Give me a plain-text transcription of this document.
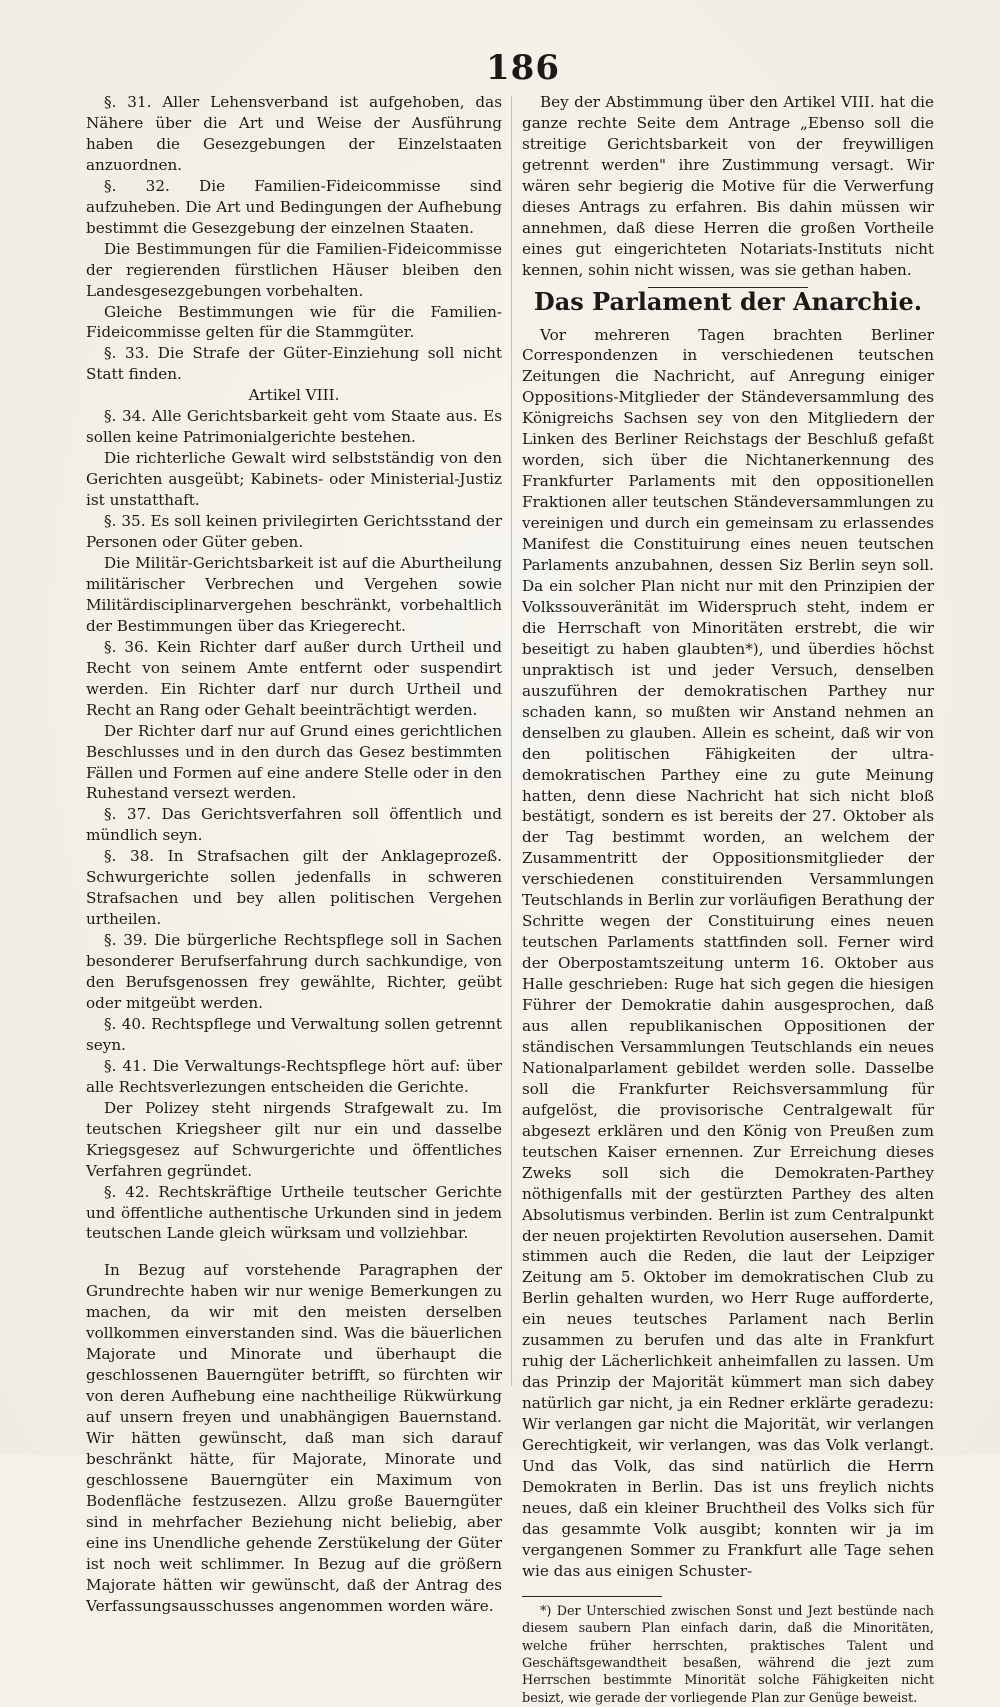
186

§. 31. Aller Lehensverband ist aufgehoben, das Nähere über die Art und Weise der Ausführung haben die Gesezgebungen der Einzelstaaten anzuordnen.

§. 32. Die Familien-Fideicommisse sind aufzuheben. Die Art und Bedingungen der Aufhebung bestimmt die Gesezgebung der einzelnen Staaten.

Die Bestimmungen für die Familien-Fideicommisse der regierenden fürstlichen Häuser bleiben den Landesgesezgebungen vorbehalten.

Gleiche Bestimmungen wie für die Familien-Fideicommisse gelten für die Stammgüter.

§. 33. Die Strafe der Güter-Einziehung soll nicht Statt finden.

Artikel VIII.

§. 34. Alle Gerichtsbarkeit geht vom Staate aus. Es sollen keine Patrimonialgerichte bestehen.

Die richterliche Gewalt wird selbstständig von den Gerichten ausgeübt; Kabinets- oder Ministerial-Justiz ist unstatthaft.

§. 35. Es soll keinen privilegirten Gerichtsstand der Personen oder Güter geben.

Die Militär-Gerichtsbarkeit ist auf die Aburtheilung militärischer Verbrechen und Vergehen sowie Militärdisciplinarvergehen beschränkt, vorbehaltlich der Bestimmungen über das Kriegerecht.

§. 36. Kein Richter darf außer durch Urtheil und Recht von seinem Amte entfernt oder suspendirt werden. Ein Richter darf nur durch Urtheil und Recht an Rang oder Gehalt beeinträchtigt werden.

Der Richter darf nur auf Grund eines gerichtlichen Beschlusses und in den durch das Gesez bestimmten Fällen und Formen auf eine andere Stelle oder in den Ruhestand versezt werden.

§. 37. Das Gerichtsverfahren soll öffentlich und mündlich seyn.

§. 38. In Strafsachen gilt der Anklageprozeß. Schwurgerichte sollen jedenfalls in schweren Strafsachen und bey allen politischen Vergehen urtheilen.

§. 39. Die bürgerliche Rechtspflege soll in Sachen besonderer Berufserfahrung durch sachkundige, von den Berufsgenossen frey gewählte, Richter, geübt oder mitgeübt werden.

§. 40. Rechtspflege und Verwaltung sollen getrennt seyn.

§. 41. Die Verwaltungs-Rechtspflege hört auf: über alle Rechtsverlezungen entscheiden die Gerichte.

Der Polizey steht nirgends Strafgewalt zu. Im teutschen Kriegsheer gilt nur ein und dasselbe Kriegsgesez auf Schwurgerichte und öffentliches Verfahren gegründet.

§. 42. Rechtskräftige Urtheile teutscher Gerichte und öffentliche authentische Urkunden sind in jedem teutschen Lande gleich würksam und vollziehbar.

In Bezug auf vorstehende Paragraphen der Grundrechte haben wir nur wenige Bemerkungen zu machen, da wir mit den meisten derselben vollkommen einverstanden sind. Was die bäuerlichen Majorate und Minorate und überhaupt die geschlossenen Bauerngüter betrifft, so fürchten wir von deren Aufhebung eine nachtheilige Rükwürkung auf unsern freyen und unabhängigen Bauernstand. Wir hätten gewünscht, daß man sich darauf beschränkt hätte, für Majorate, Minorate und geschlossene Bauerngüter ein Maximum von Bodenfläche festzusezen. Allzu große Bauerngüter sind in mehrfacher Beziehung nicht beliebig, aber eine ins Unendliche gehende Zerstükelung der Güter ist noch weit schlimmer. In Bezug auf die größern Majorate hätten wir gewünscht, daß der Antrag des Verfassungsausschusses angenommen worden wäre.

Bey der Abstimmung über den Artikel VIII. hat die ganze rechte Seite dem Antrage „Ebenso soll die streitige Gerichtsbarkeit von der freywilligen getrennt werden" ihre Zustimmung versagt. Wir wären sehr begierig die Motive für die Verwerfung dieses Antrags zu erfahren. Bis dahin müssen wir annehmen, daß diese Herren die großen Vortheile eines gut eingerichteten Notariats-Instituts nicht kennen, sohin nicht wissen, was sie gethan haben.

Das Parlament der Anarchie.

Vor mehreren Tagen brachten Berliner Correspondenzen in verschiedenen teutschen Zeitungen die Nachricht, auf Anregung einiger Oppositions-Mitglieder der Ständeversammlung des Königreichs Sachsen sey von den Mitgliedern der Linken des Berliner Reichstags der Beschluß gefaßt worden, sich über die Nichtanerkennung des Frankfurter Parlaments mit den oppositionellen Fraktionen aller teutschen Ständeversammlungen zu vereinigen und durch ein gemeinsam zu erlassendes Manifest die Constituirung eines neuen teutschen Parlaments anzubahnen, dessen Siz Berlin seyn soll. Da ein solcher Plan nicht nur mit den Prinzipien der Volkssouveränität im Widerspruch steht, indem er die Herrschaft von Minoritäten erstrebt, die wir beseitigt zu haben glaubten*), und überdies höchst unpraktisch ist und jeder Versuch, denselben auszuführen der demokratischen Parthey nur schaden kann, so mußten wir Anstand nehmen an denselben zu glauben. Allein es scheint, daß wir von den politischen Fähigkeiten der ultra-demokratischen Parthey eine zu gute Meinung hatten, denn diese Nachricht hat sich nicht bloß bestätigt, sondern es ist bereits der 27. Oktober als der Tag bestimmt worden, an welchem der Zusammentritt der Oppositionsmitglieder der verschiedenen constituirenden Versammlungen Teutschlands in Berlin zur vorläufigen Berathung der Schritte wegen der Constituirung eines neuen teutschen Parlaments stattfinden soll. Ferner wird der Oberpostamtszeitung unterm 16. Oktober aus Halle geschrieben: Ruge hat sich gegen die hiesigen Führer der Demokratie dahin ausgesprochen, daß aus allen republikanischen Oppositionen der ständischen Versammlungen Teutschlands ein neues Nationalparlament gebildet werden solle. Dasselbe soll die Frankfurter Reichsversammlung für aufgelöst, die provisorische Centralgewalt für abgesezt erklären und den König von Preußen zum teutschen Kaiser ernennen. Zur Erreichung dieses Zweks soll sich die Demokraten-Parthey nöthigenfalls mit der gestürzten Parthey des alten Absolutismus verbinden. Berlin ist zum Centralpunkt der neuen projektirten Revolution ausersehen. Damit stimmen auch die Reden, die laut der Leipziger Zeitung am 5. Oktober im demokratischen Club zu Berlin gehalten wurden, wo Herr Ruge aufforderte, ein neues teutsches Parlament nach Berlin zusammen zu berufen und das alte in Frankfurt ruhig der Lächerlichkeit anheimfallen zu lassen. Um das Prinzip der Majorität kümmert man sich dabey natürlich gar nicht, ja ein Redner erklärte geradezu: Wir verlangen gar nicht die Majorität, wir verlangen Gerechtigkeit, wir verlangen, was das Volk verlangt. Und das Volk, das sind natürlich die Herrn Demokraten in Berlin. Das ist uns freylich nichts neues, daß ein kleiner Bruchtheil des Volks sich für das gesammte Volk ausgibt; konnten wir ja im vergangenen Sommer zu Frankfurt alle Tage sehen wie das aus einigen Schuster-

*) Der Unterschied zwischen Sonst und Jezt bestünde nach diesem saubern Plan einfach darin, daß die Minoritäten, welche früher herrschten, praktisches Talent und Geschäftsgewandtheit besaßen, während die jezt zum Herrschen bestimmte Minorität solche Fähigkeiten nicht besizt, wie gerade der vorliegende Plan zur Genüge beweist.
